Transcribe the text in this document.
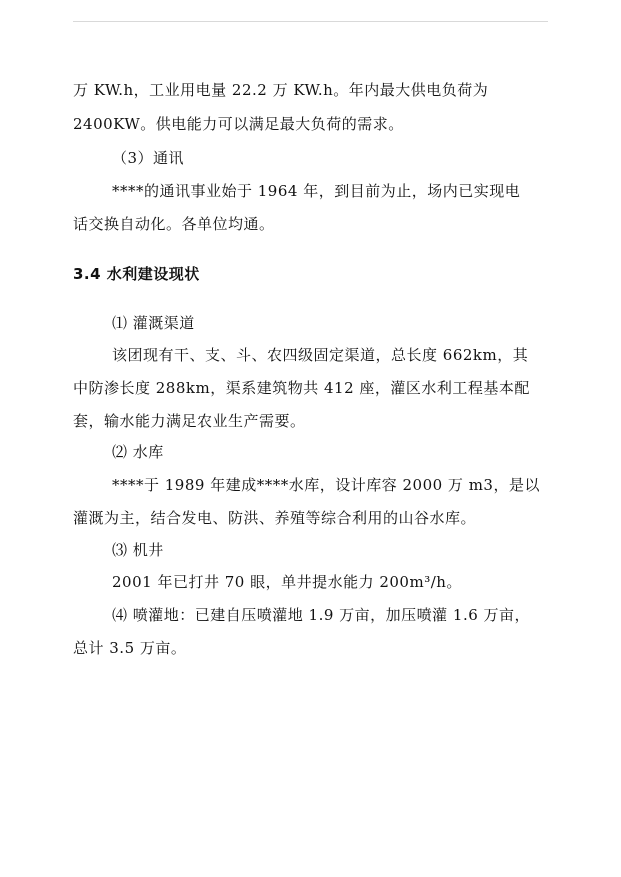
万 KW.h，工业用电量 22.2 万 KW.h。年内最大供电负荷为
2400KW。供电能力可以满足最大负荷的需求。
（3）通讯
****的通讯事业始于 1964 年，到目前为止，场内已实现电
话交换自动化。各单位均通。
3.4 水利建设现状
⑴ 灌溉渠道
该团现有干、支、斗、农四级固定渠道，总长度 662km，其
中防渗长度 288km，渠系建筑物共 412 座，灌区水利工程基本配
套，输水能力满足农业生产需要。
⑵ 水库
****于 1989 年建成****水库，设计库容 2000 万 m3，是以
灌溉为主，结合发电、防洪、养殖等综合利用的山谷水库。
⑶ 机井
2001 年已打井 70 眼，单井提水能力 200m³/h。
⑷ 喷灌地：已建自压喷灌地 1.9 万亩，加压喷灌 1.6 万亩，
总计 3.5 万亩。
